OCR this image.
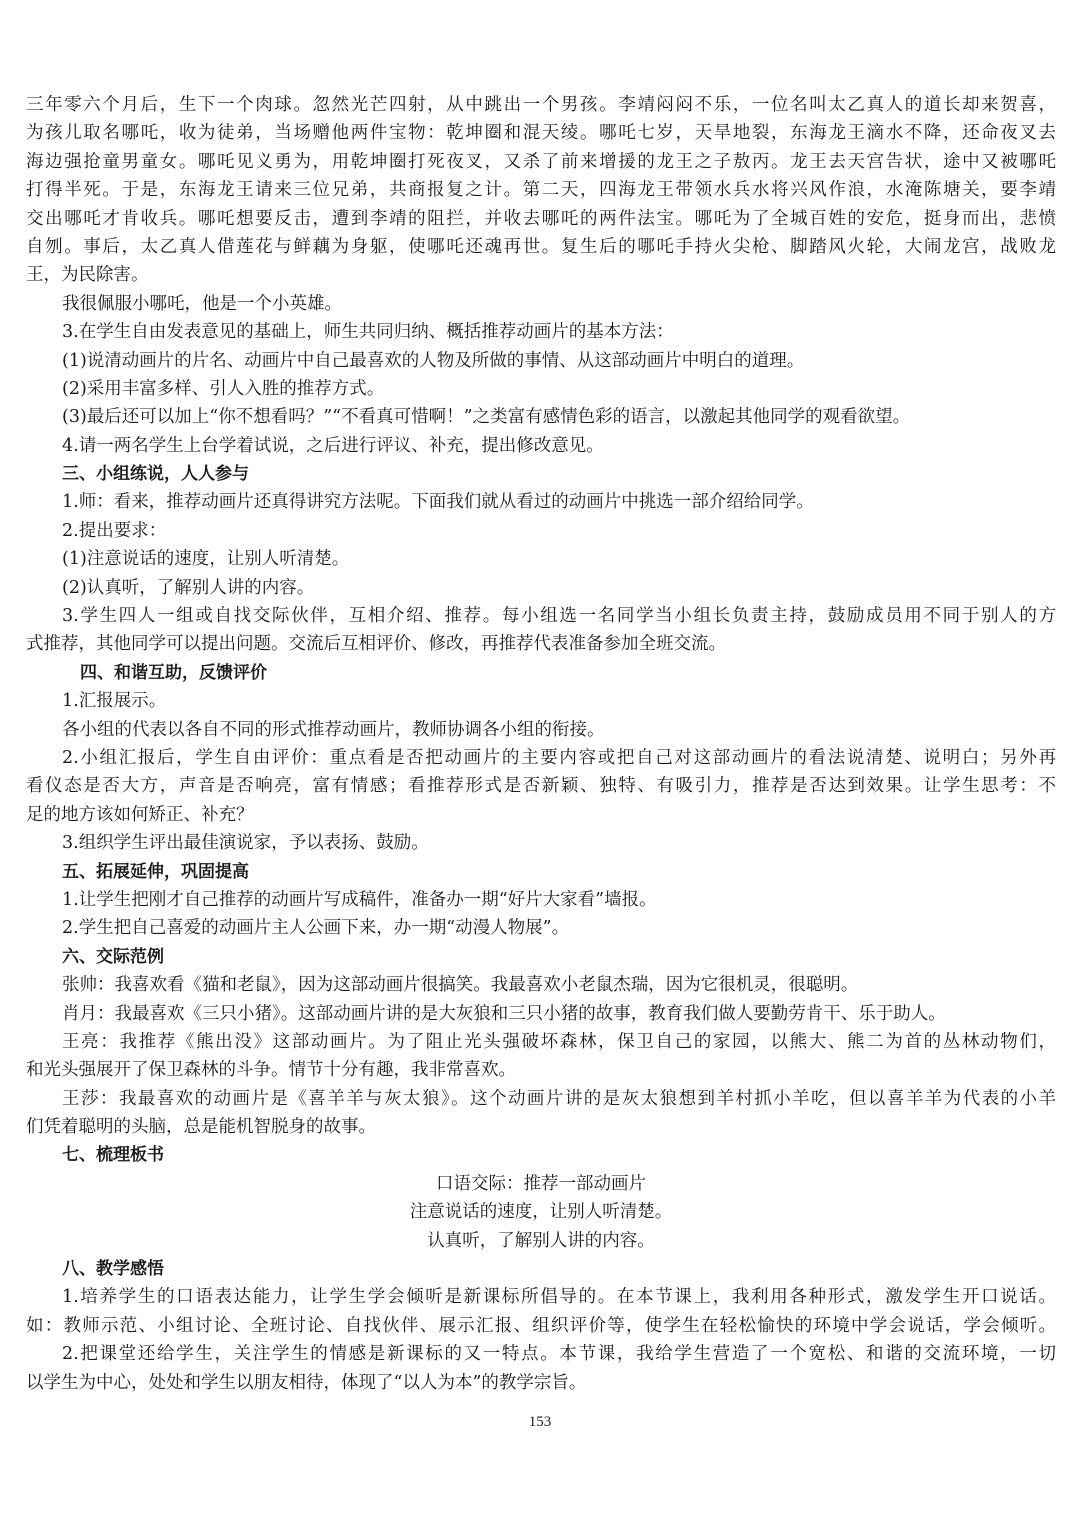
三年零六个月后，生下一个肉球。忽然光芒四射，从中跳出一个男孩。李靖闷闷不乐，一位名叫太乙真人的道长却来贺喜，
为孩儿取名哪吒，收为徒弟，当场赠他两件宝物：乾坤圈和混天绫。哪吒七岁，天旱地裂，东海龙王滴水不降，还命夜叉去
海边强抢童男童女。哪吒见义勇为，用乾坤圈打死夜叉，又杀了前来增援的龙王之子敖丙。龙王去天宫告状，途中又被哪吒
打得半死。于是，东海龙王请来三位兄弟，共商报复之计。第二天，四海龙王带领水兵水将兴风作浪，水淹陈塘关，要李靖
交出哪吒才肯收兵。哪吒想要反击，遭到李靖的阻拦，并收去哪吒的两件法宝。哪吒为了全城百姓的安危，挺身而出，悲愤
自刎。事后，太乙真人借莲花与鲜藕为身躯，使哪吒还魂再世。复生后的哪吒手持火尖枪、脚踏风火轮，大闹龙宫，战败龙
王，为民除害。
我很佩服小哪吒，他是一个小英雄。
3.在学生自由发表意见的基础上，师生共同归纳、概括推荐动画片的基本方法：
(1)说清动画片的片名、动画片中自己最喜欢的人物及所做的事情、从这部动画片中明白的道理。
(2)采用丰富多样、引人入胜的推荐方式。
(3)最后还可以加上“你不想看吗？”“不看真可惜啊！”之类富有感情色彩的语言，以激起其他同学的观看欲望。
4.请一两名学生上台学着试说，之后进行评议、补充，提出修改意见。
三、小组练说，人人参与
1.师：看来，推荐动画片还真得讲究方法呢。下面我们就从看过的动画片中挑选一部介绍给同学。
2.提出要求：
(1)注意说话的速度，让别人听清楚。
(2)认真听，了解别人讲的内容。
3.学生四人一组或自找交际伙伴，互相介绍、推荐。每小组选一名同学当小组长负责主持，鼓励成员用不同于别人的方
式推荐，其他同学可以提出问题。交流后互相评价、修改，再推荐代表准备参加全班交流。
四、和谐互助，反馈评价
1.汇报展示。
各小组的代表以各自不同的形式推荐动画片，教师协调各小组的衔接。
2.小组汇报后，学生自由评价：重点看是否把动画片的主要内容或把自己对这部动画片的看法说清楚、说明白；另外再
看仪态是否大方，声音是否响亮，富有情感；看推荐形式是否新颖、独特、有吸引力，推荐是否达到效果。让学生思考：不
足的地方该如何矫正、补充？
3.组织学生评出最佳演说家，予以表扬、鼓励。
五、拓展延伸，巩固提高
1.让学生把刚才自己推荐的动画片写成稿件，准备办一期“好片大家看”墙报。
2.学生把自己喜爱的动画片主人公画下来，办一期“动漫人物展”。
六、交际范例
张帅：我喜欢看《猫和老鼠》，因为这部动画片很搞笑。我最喜欢小老鼠杰瑞，因为它很机灵，很聪明。
肖月：我最喜欢《三只小猪》。这部动画片讲的是大灰狼和三只小猪的故事，教育我们做人要勤劳肯干、乐于助人。
王亮：我推荐《熊出没》这部动画片。为了阻止光头强破坏森林，保卫自己的家园，以熊大、熊二为首的丛林动物们，
和光头强展开了保卫森林的斗争。情节十分有趣，我非常喜欢。
王莎：我最喜欢的动画片是《喜羊羊与灰太狼》。这个动画片讲的是灰太狼想到羊村抓小羊吃，但以喜羊羊为代表的小羊
们凭着聪明的头脑，总是能机智脱身的故事。
七、梳理板书
口语交际：推荐一部动画片
注意说话的速度，让别人听清楚。
认真听，了解别人讲的内容。
八、教学感悟
1.培养学生的口语表达能力，让学生学会倾听是新课标所倡导的。在本节课上，我利用各种形式，激发学生开口说话。
如：教师示范、小组讨论、全班讨论、自找伙伴、展示汇报、组织评价等，使学生在轻松愉快的环境中学会说话，学会倾听。
2.把课堂还给学生，关注学生的情感是新课标的又一特点。本节课，我给学生营造了一个宽松、和谐的交流环境，一切
以学生为中心，处处和学生以朋友相待，体现了“以人为本”的教学宗旨。
153
